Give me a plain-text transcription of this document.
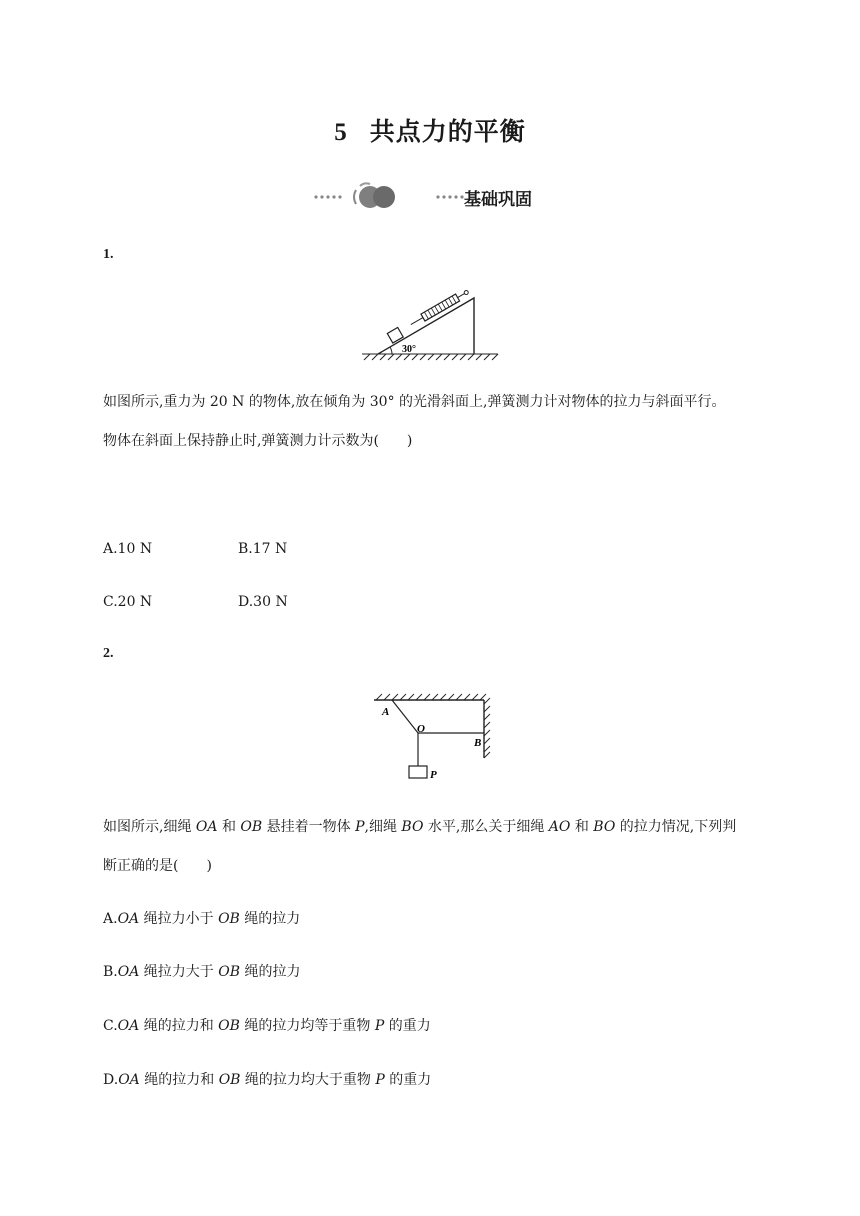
5 共点力的平衡
基础巩固
1.
30°
如图所示,重力为 20 N 的物体,放在倾角为 30° 的光滑斜面上,弹簧测力计对物体的拉力与斜面平行。
物体在斜面上保持静止时,弹簧测力计示数为(　　)
A.10 N	B.17 N
C.20 N	D.30 N
2.
A
O
B
P
如图所示,细绳 OA 和 OB 悬挂着一物体 P,细绳 BO 水平,那么关于细绳 AO 和 BO 的拉力情况,下列判
断正确的是(　　)
A.OA 绳拉力小于 OB 绳的拉力
B.OA 绳拉力大于 OB 绳的拉力
C.OA 绳的拉力和 OB 绳的拉力均等于重物 P 的重力
D.OA 绳的拉力和 OB 绳的拉力均大于重物 P 的重力
